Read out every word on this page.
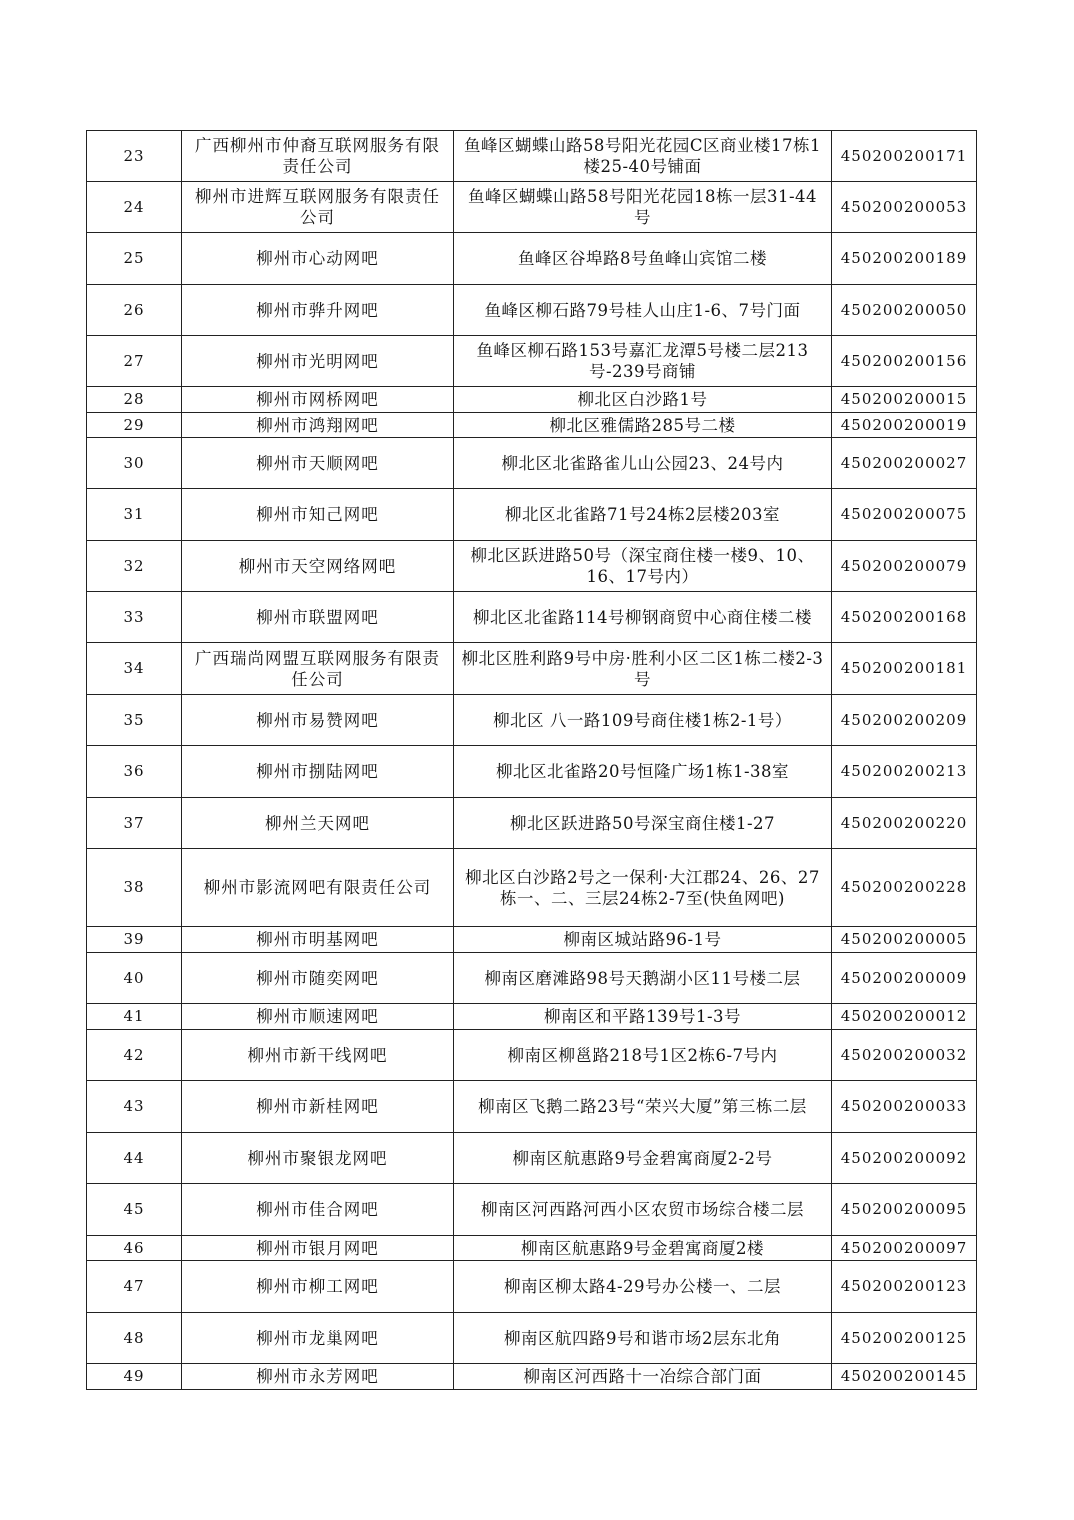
23	广西柳州市仲裔互联网服务有限责任公司	鱼峰区蝴蝶山路58号阳光花园C区商业楼17栋1楼25-40号铺面	450200200171
24	柳州市进辉互联网服务有限责任公司	鱼峰区蝴蝶山路58号阳光花园18栋一层31-44号	450200200053
25	柳州市心动网吧	鱼峰区谷埠路8号鱼峰山宾馆二楼	450200200189
26	柳州市骅升网吧	鱼峰区柳石路79号桂人山庄1-6、7号门面	450200200050
27	柳州市光明网吧	鱼峰区柳石路153号嘉汇龙潭5号楼二层213号-239号商铺	450200200156
28	柳州市网桥网吧	柳北区白沙路1号	450200200015
29	柳州市鸿翔网吧	柳北区雅儒路285号二楼	450200200019
30	柳州市天顺网吧	柳北区北雀路雀儿山公园23、24号内	450200200027
31	柳州市知己网吧	柳北区北雀路71号24栋2层楼203室	450200200075
32	柳州市天空网络网吧	柳北区跃进路50号（深宝商住楼一楼9、10、16、17号内）	450200200079
33	柳州市联盟网吧	柳北区北雀路114号柳钢商贸中心商住楼二楼	450200200168
34	广西瑞尚网盟互联网服务有限责任公司	柳北区胜利路9号中房·胜利小区二区1栋二楼2-3号	450200200181
35	柳州市易赞网吧	柳北区 八一路109号商住楼1栋2-1号）	450200200209
36	柳州市捌陆网吧	柳北区北雀路20号恒隆广场1栋1-38室	450200200213
37	柳州兰天网吧	柳北区跃进路50号深宝商住楼1-27	450200200220
38	柳州市影流网吧有限责任公司	柳北区白沙路2号之一保利·大江郡24、26、27栋一、二、三层24栋2-7至(快鱼网吧)	450200200228
39	柳州市明基网吧	柳南区城站路96-1号	450200200005
40	柳州市随奕网吧	柳南区磨滩路98号天鹅湖小区11号楼二层	450200200009
41	柳州市顺速网吧	柳南区和平路139号1-3号	450200200012
42	柳州市新干线网吧	柳南区柳邕路218号1区2栋6-7号内	450200200032
43	柳州市新桂网吧	柳南区飞鹅二路23号“荣兴大厦”第三栋二层	450200200033
44	柳州市聚银龙网吧	柳南区航惠路9号金碧寓商厦2-2号	450200200092
45	柳州市佳合网吧	柳南区河西路河西小区农贸市场综合楼二层	450200200095
46	柳州市银月网吧	柳南区航惠路9号金碧寓商厦2楼	450200200097
47	柳州市柳工网吧	柳南区柳太路4-29号办公楼一、二层	450200200123
48	柳州市龙巢网吧	柳南区航四路9号和谐市场2层东北角	450200200125
49	柳州市永芳网吧	柳南区河西路十一冶综合部门面	450200200145
